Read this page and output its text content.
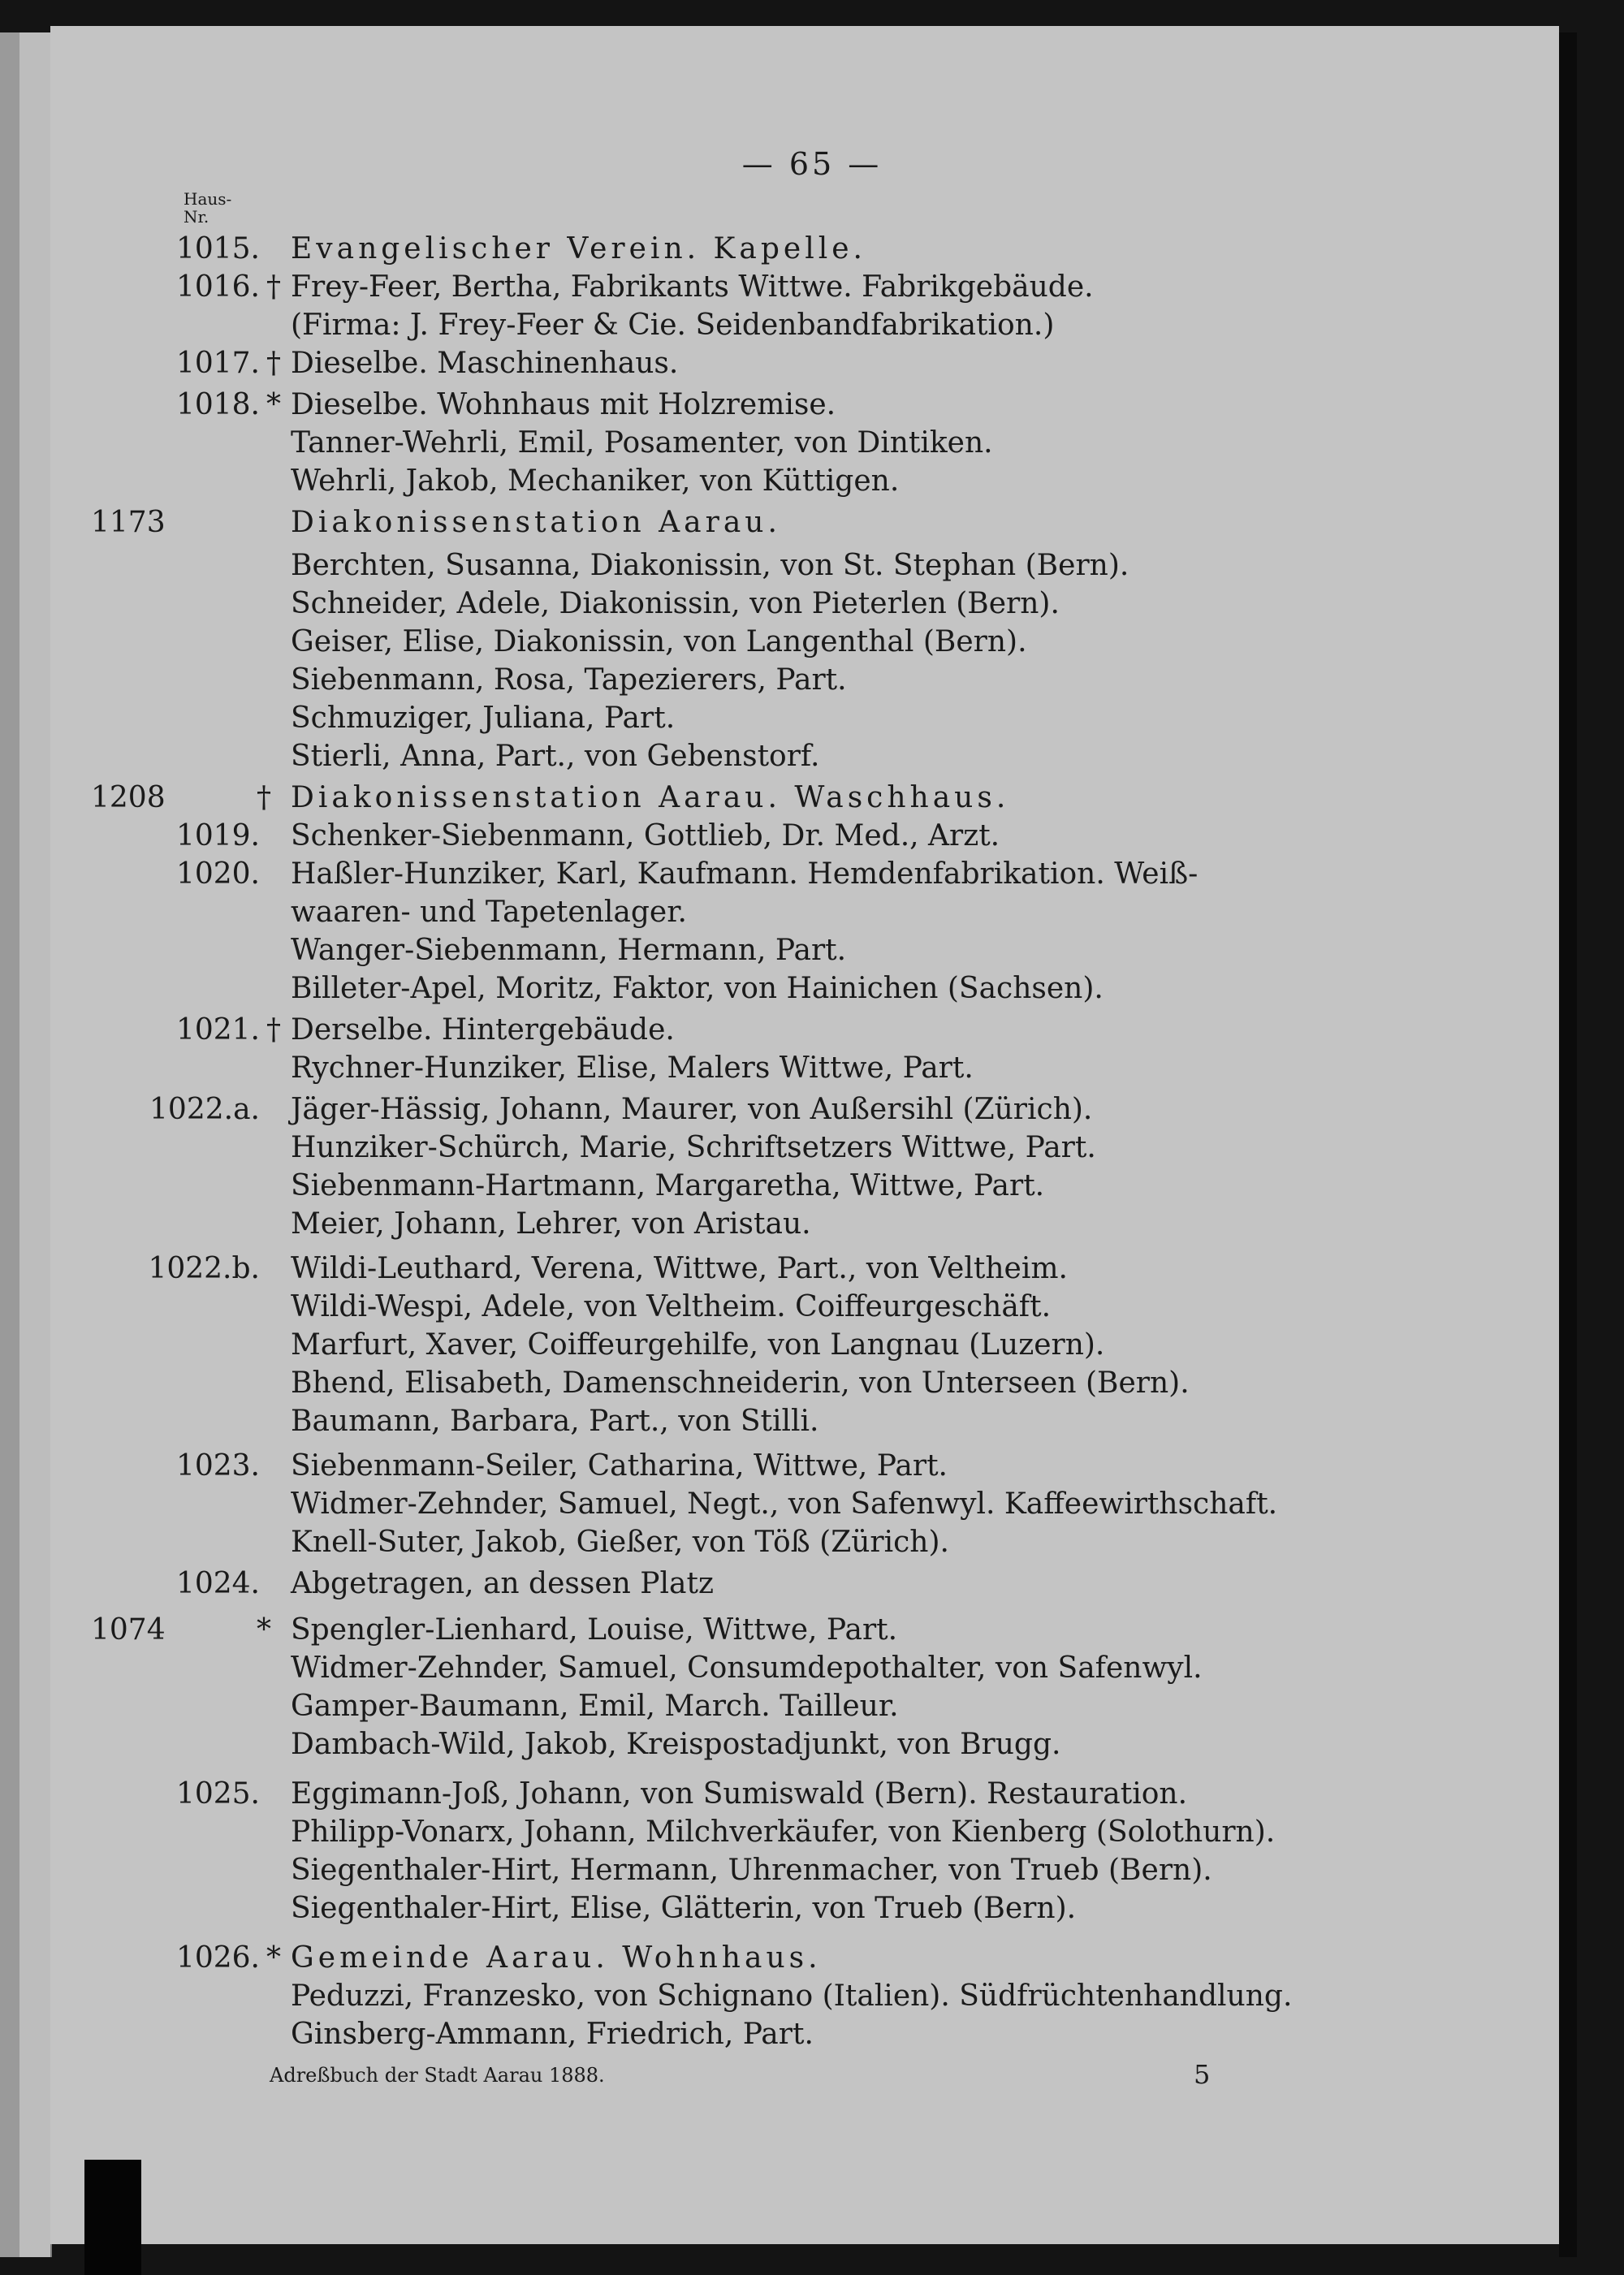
— 65 —
Haus-
Nr.
1015. Evangelischer Verein. Kapelle.
1016. † Frey-Feer, Bertha, Fabrikants Wittwe. Fabrikgebäude.
(Firma: J. Frey-Feer & Cie. Seidenbandfabrikation.)
1017. † Dieselbe. Maschinenhaus.
1018. * Dieselbe. Wohnhaus mit Holzremise.
Tanner-Wehrli, Emil, Posamenter, von Dintiken.
Wehrli, Jakob, Mechaniker, von Küttigen.
1173	Diakonissenstation Aarau.
Berchten, Susanna, Diakonissin, von St. Stephan (Bern).
Schneider, Adele, Diakonissin, von Pieterlen (Bern).
Geiser, Elise, Diakonissin, von Langenthal (Bern).
Siebenmann, Rosa, Tapezierers, Part.
Schmuziger, Juliana, Part.
Stierli, Anna, Part., von Gebenstorf.
1208	† Diakonissenstation Aarau. Waschhaus.
1019. Schenker-Siebenmann, Gottlieb, Dr. Med., Arzt.
1020. Haßler-Hunziker, Karl, Kaufmann. Hemdenfabrikation. Weiß-
waaren- und Tapetenlager.
Wanger-Siebenmann, Hermann, Part.
Billeter-Apel, Moritz, Faktor, von Hainichen (Sachsen).
1021. † Derselbe. Hintergebäude.
Rychner-Hunziker, Elise, Malers Wittwe, Part.
1022.a. Jäger-Hässig, Johann, Maurer, von Außersihl (Zürich).
Hunziker-Schürch, Marie, Schriftsetzers Wittwe, Part.
Siebenmann-Hartmann, Margaretha, Wittwe, Part.
Meier, Johann, Lehrer, von Aristau.
1022.b. Wildi-Leuthard, Verena, Wittwe, Part., von Veltheim.
Wildi-Wespi, Adele, von Veltheim. Coiffeurgeschäft.
Marfurt, Xaver, Coiffeurgehilfe, von Langnau (Luzern).
Bhend, Elisabeth, Damenschneiderin, von Unterseen (Bern).
Baumann, Barbara, Part., von Stilli.
1023. Siebenmann-Seiler, Catharina, Wittwe, Part.
Widmer-Zehnder, Samuel, Negt., von Safenwyl. Kaffeewirthschaft.
Knell-Suter, Jakob, Gießer, von Töß (Zürich).
1024. Abgetragen, an dessen Platz
1074	* Spengler-Lienhard, Louise, Wittwe, Part.
Widmer-Zehnder, Samuel, Consumdepothalter, von Safenwyl.
Gamper-Baumann, Emil, March. Tailleur.
Dambach-Wild, Jakob, Kreispostadjunkt, von Brugg.
1025. Eggimann-Joß, Johann, von Sumiswald (Bern). Restauration.
Philipp-Vonarx, Johann, Milchverkäufer, von Kienberg (Solothurn).
Siegenthaler-Hirt, Hermann, Uhrenmacher, von Trueb (Bern).
Siegenthaler-Hirt, Elise, Glätterin, von Trueb (Bern).
1026. * Gemeinde Aarau. Wohnhaus.
Peduzzi, Franzesko, von Schignano (Italien). Südfrüchtenhandlung.
Ginsberg-Ammann, Friedrich, Part.
Adreßbuch der Stadt Aarau 1888.	5
